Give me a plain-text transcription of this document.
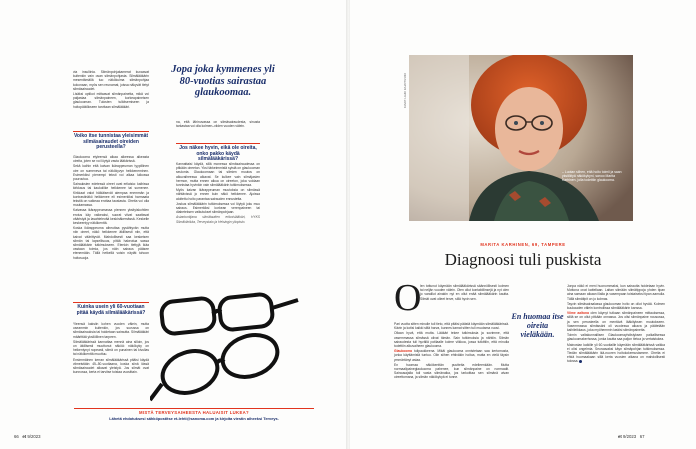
via insuliinia. Silmänpohjakamerat kuvaavat kuitenkin vain osan silmänpohjasta. Silmälääkärin mesentämällä tuo näkökulma silmänpohjaa kokonaan, myös sen reunamat, joissa näkyvät tietyt silmäsairaudet.

Lisäksi optikot mittaavat silmänpainetta, mikä voi paljastaa silmänpaineen, korkeapaineisen glaukooman. Tulosten tulkitsemiseen ja hoitopäätökseen tarvitaan silmälääkäri.

Voiko itse tunnistaa yleisimmät silmäsairaudet oireiden perusteella?

Glaukooma etyleensä alkaa alkeessa alkeasta oireita, joten se voi löytyä vasta lääkärissä.

Sekä kaihin että kaivan ikärappeuman tyypillinen oire on sumeneva tai näkökyvyn heikkeneminen. Esimerkiksi pienempi teksti voi alkaa luikossa puuroutua.

Sairauksien edetessä oireet ovat erilaisia: kaihissa kirkkaus tai kaukoliike heikkenee tai sumenee. Kirkkaat valot häikäisevät aiempaa enemmän ja kontrastinäkö heikkenee eli esimerkiksi harmaata tekstiä on vaikeaa erottaa taustasta. Oireita voi olla muutamassa.

Kaivassa ikärappeumassa piennen yksityiskohtien erotus käy vaikeaksi, suorat viivat saattavat vääristyä ja lasahtelevää keskinäkemässä. Keskelle keskeentyy näkökenttä.

Koska ikärappeuma aiheuttaa pysähtyvän mutta niin oireet, näkö heikkenee äkillisesti niin, että kaivat väärittyvät. Mahdollisesti saa keskeisen silmän tai lapsellisuus, pitää hakeutua sassa silmälääkärin tutkimukseen. Etenkin tiettyjä ikäa vastaan toimia, jos näin sairaus pääsee etenemään. Tällä hetkellä voisin näytät tuhoon hoitosuoja.

Kuinka usein yli 60-vuotiaan pitää käydä silmälääkärissä?

Yleensä kaksiin kohen vuoden välein, mutta useammin kuitenkin, jos suvussa on silmäsairauksia tai hoidetaan sairautta. Silmälääkäri määrittää yksilöllinen tarpeen.

Silmälääkärissä kannattaa mennä aina silloin, jos on äkillisesti muuttunut näköä: näkökyky on heikentynyt nopeasti, silmä on punainen tai kivulias tai näkökenttä muuttuu.

Ensimmäinen kerran silmälääkärissä pitäisi käydä viimeistään 45–50-vuotiaana, koska siinä iässä silmäsairaudet alkavat yleistyä. Jos silmät ovat kunnossa, kerta ei tarvitse toistaa vuosittain.

Jopa joka kymmenes yli 80-vuotias sairastaa glaukoomaa.

na, että lähinuvassa on silmäsairaudesta, sinusta tarkastaa voi olla kolmen–viiden vuoden välein.

Jos näkee hyvin, eikä ole oireita, onko pakko käydä silmälääkärissä?

Kannattaisi käydä, sillä monessa silmäsairaudessa on pitkään oireeton. Yksi tärkeimmistä syistä on glaukooman seulonta. Glaukoomaan tai silmien muutos on alkuvaiheessa alkavat. Se kulkee vain silmäjasien hermon, mutta ennen alkua on oireeton, joka voidaan tunnistaa hyvinkin vain silmälääkärin tutkimuksessa.

Myös kaivan ikärappeuman muutoksia on silmässä nähtävissä jo ennen kuin näkö heikkenee. Ajoissa aloitettu hoito parantaa sairauden ennustetta.

Joskus silmälääkärin tutkimuksessa voi löytyä joku muu sairaus. Esimerkiksi korkean verenpaineen tai diabeteksen vaikutukset silmänpohjaan.

Asiantuntijana silmätautien erikoislääkäri, HYKS Silmäklinikka, Terveystalo ja Helsingin yliopisto.

MISTÄ TERVEYSAIHEESTA HALUAISIT LUKEA?
Lähetä ehdotuksesi sähköpostitse et-lehti@sanoma.com ja kirjoita viestin aiheeksi Terveys.
66 et 9/2023
KUVAT: LAURI RAJATTUSMO
– Luotan siihen, että hoito toimii ja saan yksilöityä näkökykyni, sanoo Marita Karhinen, jolla todettiin glaukooma.
MARITA KARHINEN, 69, TAMPERE
Diagnoosi tuli puskista
O

len tottunut käymään silmälääkärissä säännöllisesti kolmen tai neljän vuoden välein. Olen ollut kontaktilinsejä ja nyt olen jo varaillut ainakin nyt en ollut enää silmälääkärin kautta. Silmät ovat olleet terve, sillä hyvin sen.

Pari vuotta sitten minulle tuli tieto, että pitäisi päästä käymään silmälääkärissä. Kävin ja kotisi kaikki siltä harva, kunnes kamat sitten tuli muutama vuosi.

Ollaan hyvä, että mutta. Lääkäri tekee tutkimuksia ja sovimme, että vasemmassa silmässä olivat tämän. Sain tutkimuksia ja nähtiin. Silmän sairaudesta tuli hyvällä potilaalle kolme viikkoa, jossa tutkittiin, että minulla todettiin alkuvaiheen glaukooma.

Glaukooma tulipaukkeena. Mikäi glaukooma onnistetaan saa kertomusta, jonka käyttämistä tuntuu. Olin siihen ehtiväkin hoitoa, mutta en vielä täysin ymmärtänyt asiaa.

En huomaa näkökenttän puutteita edelleenkään. Mutta normaalipaineglaukooma pahenee, kun silmänpaine on normaalit. Sairausajalla tuli vasta silmänaika, jos tarkoittaa sen silmänä aivan oireettomana, ja silmän näkökykyä ei tunne.

En huomaa itse oireita vieläkään.

Jonpa näkö ei meni huonommaksi, kun sairautta hoidetaan hyvin. Mottona ovat kattellaan. Laitan silmään silmätippoja yhden tipan aina samaan aikaan illalla ja vasempaan toistaiseksi tipan aamulla. Tällä silmätipit on jo kolmas.

Tayvin silmäsairaalassa glaukooman hoito on ollut hyvää. Kolmen kuukauden välein kontrollissa silmälääkärin kanssa.

Viime aaltona olen käynyt tutkaan silmänpaineen mittauksessa, silllä se on ollut pitkään onnassa. Jos olisi silmänpaine nousussa, ja sen perusteella on mentävä lääkityksen muutokseen. Vasemmassa silmässäni oli vuodessa alkava ja päätetään kaihileikkaus, joka myöhemmin laskisi silmänpainetta.

Toimin valtakunnallisen Glaukoomayhdistyksen paikallisessa glaukoomakerhossa, jonka kautta saa paljon tietoa ja vertaistukea.

Mainostan kaikille yli 60-vuotiaille käymään silmälääkärissä vaikka ei olisi ongelmia. Seuraavaksi käyn silmäpohjan tutkimuksessa. Tiedän silmälääkärin ikä-nuoren hoitokokemustamme. Oireita ei ehkä huomaakaan sillä kerta vuosien aikana on mahdollisesti tulossa.

et 9/2023 67
